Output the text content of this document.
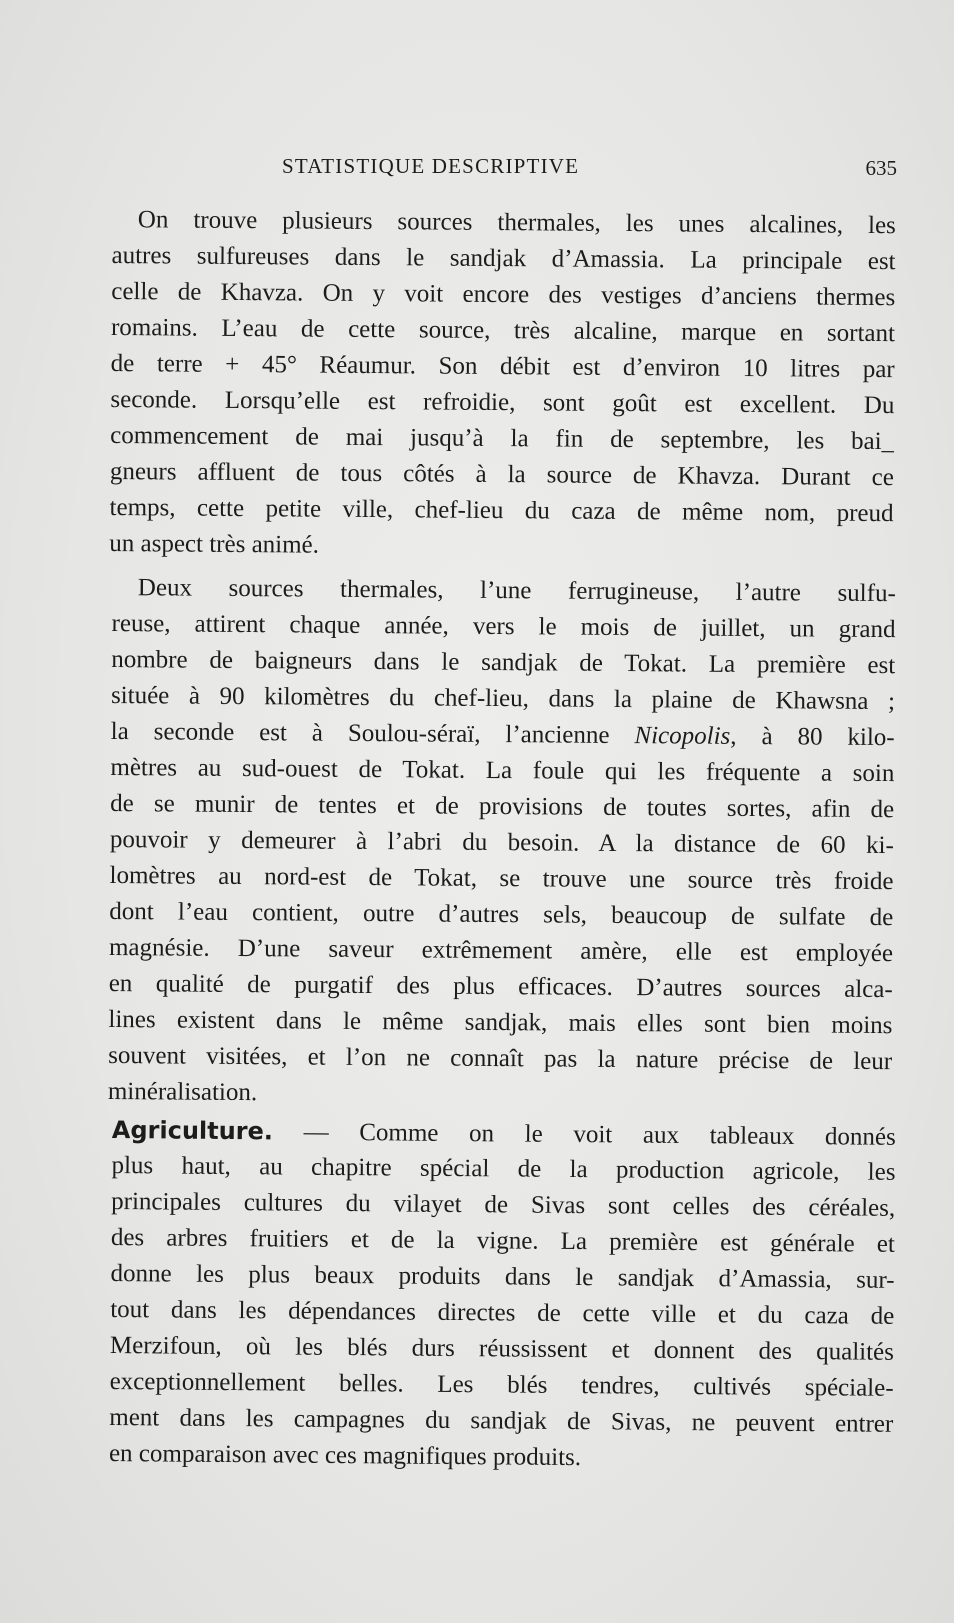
STATISTIQUE DESCRIPTIVE	635
On trouve plusieurs sources thermales, les unes alcalines, les
autres sulfureuses dans le sandjak d’Amassia. La principale est
celle de Khavza. On y voit encore des vestiges d’anciens thermes
romains. L’eau de cette source, très alcaline, marque en sortant
de terre + 45° Réaumur. Son débit est d’environ 10 litres par
seconde. Lorsqu’elle est refroidie, sont goût est excellent. Du
commencement de mai jusqu’à la fin de septembre, les bai_
gneurs affluent de tous côtés à la source de Khavza. Durant ce
temps, cette petite ville, chef-lieu du caza de même nom, preud
un aspect très animé.
Deux sources thermales, l’une ferrugineuse, l’autre sulfu-
reuse, attirent chaque année, vers le mois de juillet, un grand
nombre de baigneurs dans le sandjak de Tokat. La première est
située à 90 kilomètres du chef-lieu, dans la plaine de Khawsna ;
la seconde est à Soulou-séraï, l’ancienne Nicopolis, à 80 kilo-
mètres au sud-ouest de Tokat. La foule qui les fréquente a soin
de se munir de tentes et de provisions de toutes sortes, afin de
pouvoir y demeurer à l’abri du besoin. A la distance de 60 ki-
lomètres au nord-est de Tokat, se trouve une source très froide
dont l’eau contient, outre d’autres sels, beaucoup de sulfate de
magnésie. D’une saveur extrêmement amère, elle est employée
en qualité de purgatif des plus efficaces. D’autres sources alca-
lines existent dans le même sandjak, mais elles sont bien moins
souvent visitées, et l’on ne connaît pas la nature précise de leur
minéralisation.
Agriculture. — Comme on le voit aux tableaux donnés
plus haut, au chapitre spécial de la production agricole, les
principales cultures du vilayet de Sivas sont celles des céréales,
des arbres fruitiers et de la vigne. La première est générale et
donne les plus beaux produits dans le sandjak d’Amassia, sur-
tout dans les dépendances directes de cette ville et du caza de
Merzifoun, où les blés durs réussissent et donnent des qualités
exceptionnellement belles. Les blés tendres, cultivés spéciale-
ment dans les campagnes du sandjak de Sivas, ne peuvent entrer
en comparaison avec ces magnifiques produits.
